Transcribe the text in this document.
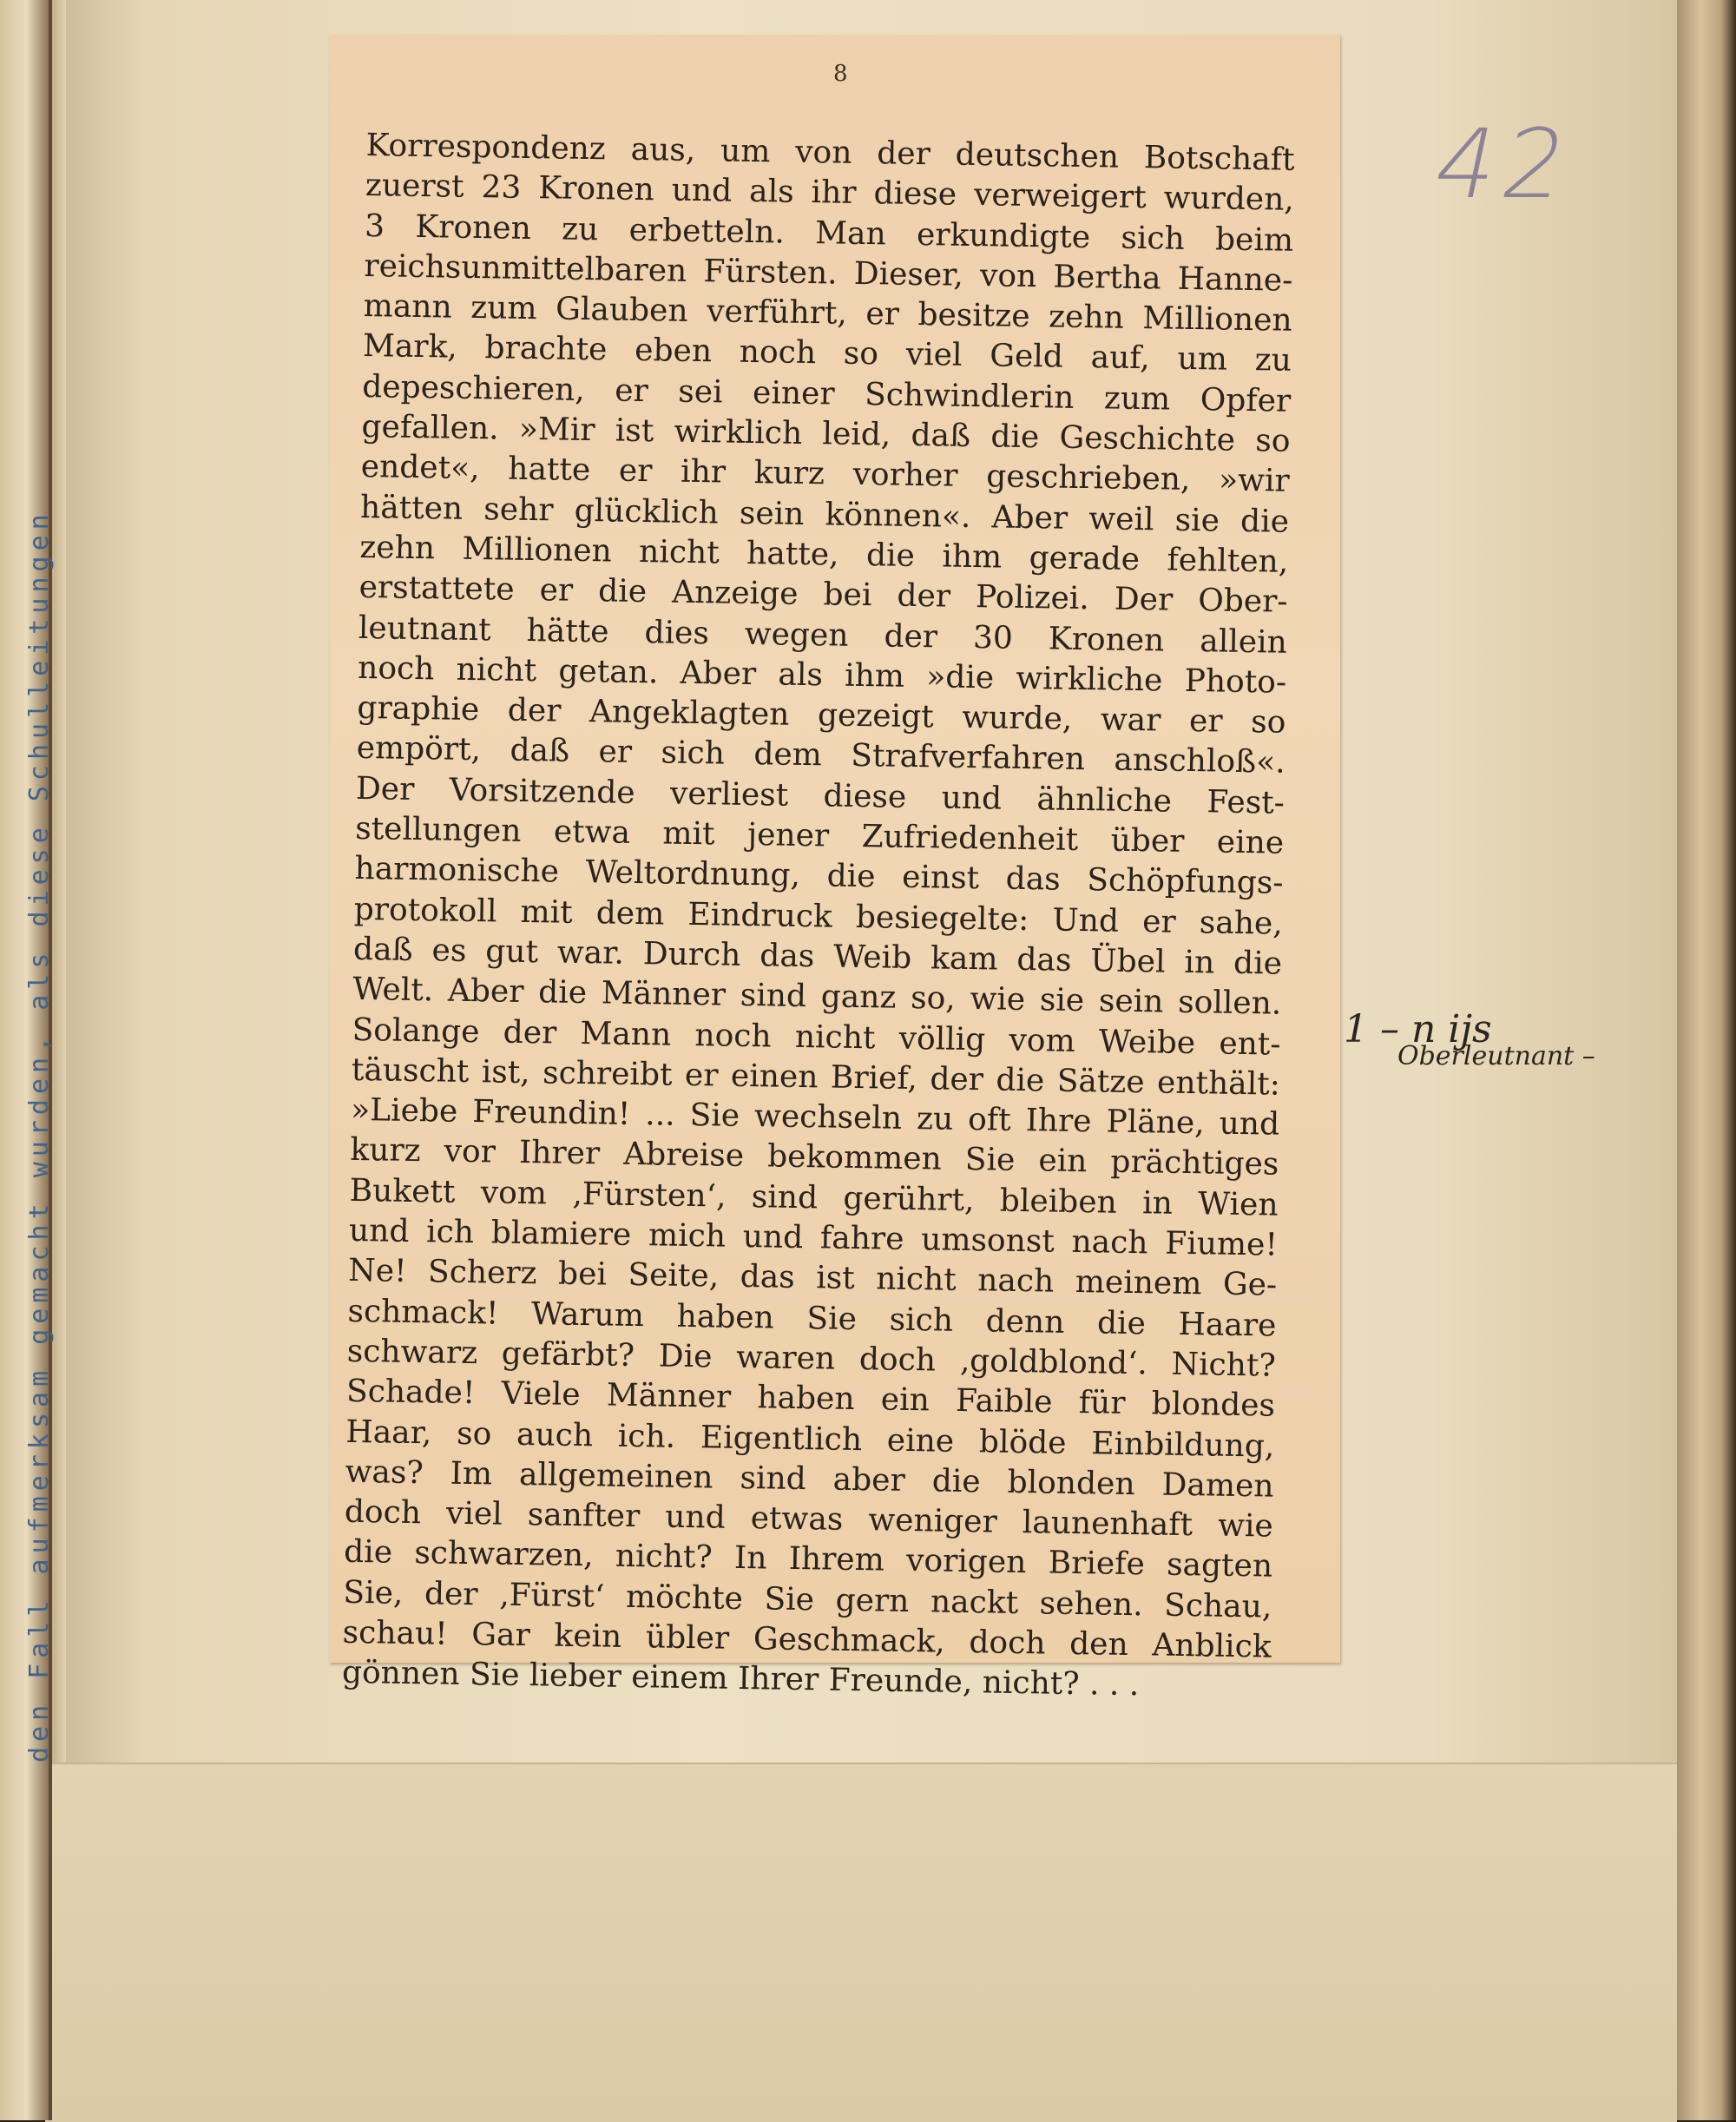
den Fall aufmerksam gemacht wurden, als diese Schulleitungen
42
8
Korrespondenz aus, um von der deutschen Botschaft
zuerst 23 Kronen und als ihr diese verweigert wurden,
3 Kronen zu erbetteln. Man erkundigte sich beim
reichsunmittelbaren Fürsten. Dieser, von Bertha Hanne-
mann zum Glauben verführt, er besitze zehn Millionen
Mark, brachte eben noch so viel Geld auf, um zu
depeschieren, er sei einer Schwindlerin zum Opfer
gefallen. »Mir ist wirklich leid, daß die Geschichte so
endet«, hatte er ihr kurz vorher geschrieben, »wir
hätten sehr glücklich sein können«. Aber weil sie die
zehn Millionen nicht hatte, die ihm gerade fehlten,
erstattete er die Anzeige bei der Polizei. Der Ober-
leutnant hätte dies wegen der 30 Kronen allein
noch nicht getan. Aber als ihm »die wirkliche Photo-
graphie der Angeklagten gezeigt wurde, war er so
empört, daß er sich dem Strafverfahren anschloß«.
Der Vorsitzende verliest diese und ähnliche Fest-
stellungen etwa mit jener Zufriedenheit über eine
harmonische Weltordnung, die einst das Schöpfungs-
protokoll mit dem Eindruck besiegelte: Und er sahe,
daß es gut war. Durch das Weib kam das Übel in die
Welt. Aber die Männer sind ganz so, wie sie sein sollen.
Solange der Mann noch nicht völlig vom Weibe ent-
täuscht ist, schreibt er einen Brief, der die Sätze enthält:
»Liebe Freundin! ... Sie wechseln zu oft Ihre Pläne, und
kurz vor Ihrer Abreise bekommen Sie ein prächtiges
Bukett vom ‚Fürsten‘, sind gerührt, bleiben in Wien
und ich blamiere mich und fahre umsonst nach Fiume!
Ne! Scherz bei Seite, das ist nicht nach meinem Ge-
schmack! Warum haben Sie sich denn die Haare
schwarz gefärbt? Die waren doch ‚goldblond‘. Nicht?
Schade! Viele Männer haben ein Faible für blondes
Haar, so auch ich. Eigentlich eine blöde Einbildung,
was? Im allgemeinen sind aber die blonden Damen
doch viel sanfter und etwas weniger launenhaft wie
die schwarzen, nicht? In Ihrem vorigen Briefe sagten
Sie, der ‚Fürst‘ möchte Sie gern nackt sehen. Schau,
schau! Gar kein übler Geschmack, doch den Anblick
gönnen Sie lieber einem Ihrer Freunde, nicht? . . .
1 – n ijs
Oberleutnant –
